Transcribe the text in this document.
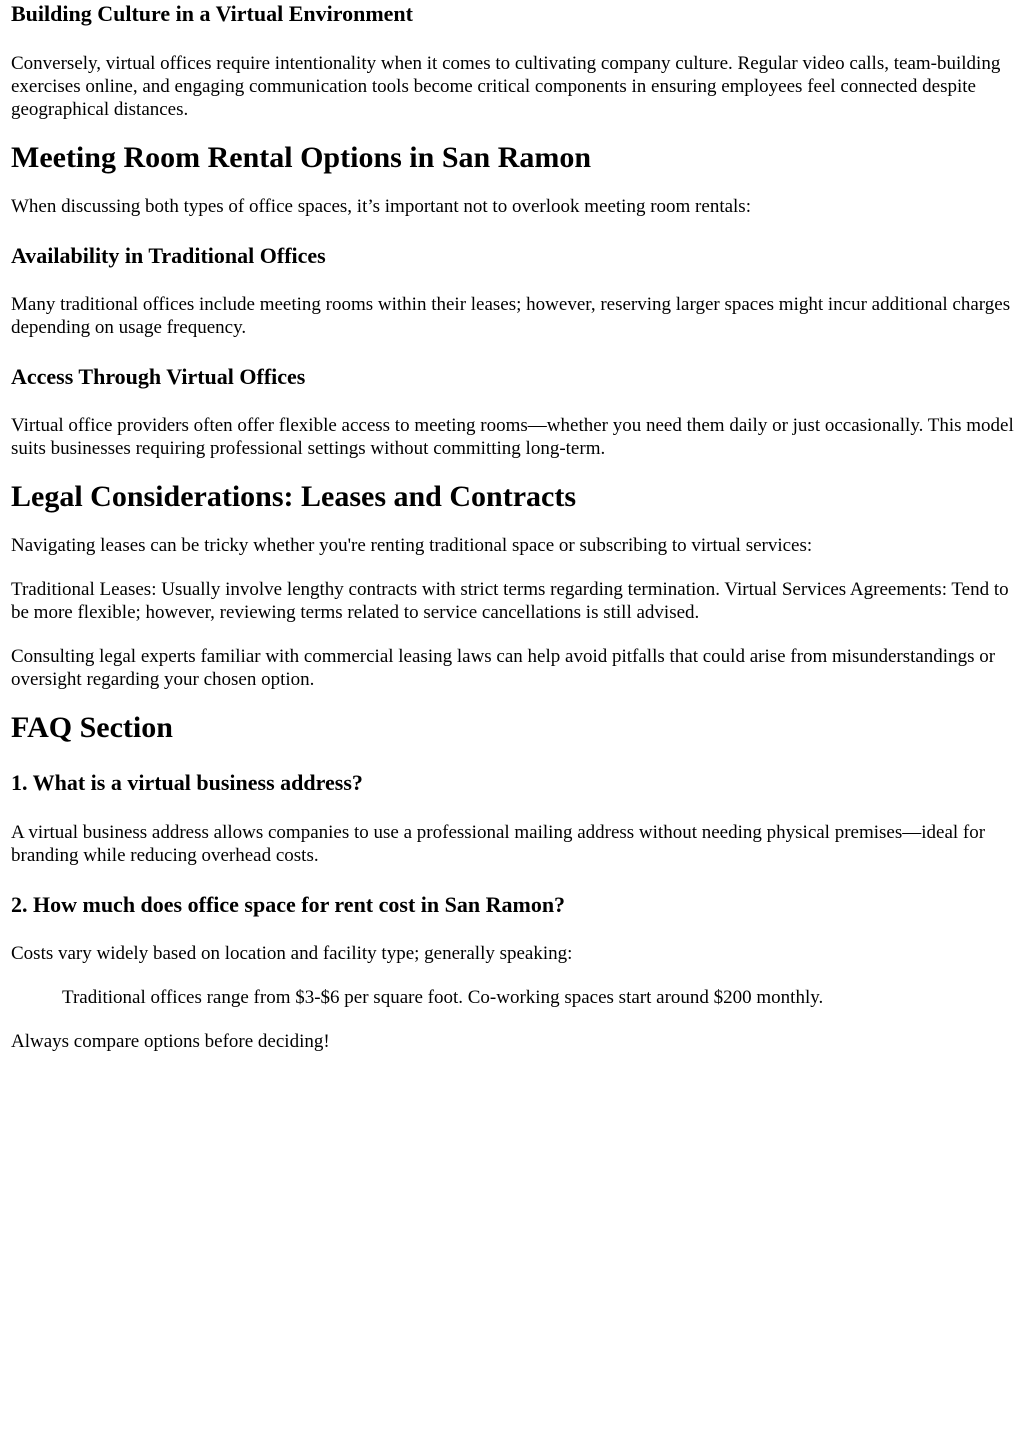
Building Culture in a Virtual Environment

Conversely, virtual offices require intentionality when it comes to cultivating company culture. Regular video calls, team-building exercises online, and engaging communication tools become critical components in ensuring employees feel connected despite geographical distances.

Meeting Room Rental Options in San Ramon

When discussing both types of office spaces, it’s important not to overlook meeting room rentals:

Availability in Traditional Offices

Many traditional offices include meeting rooms within their leases; however, reserving larger spaces might incur additional charges depending on usage frequency.

Access Through Virtual Offices

Virtual office providers often offer flexible access to meeting rooms—whether you need them daily or just occasionally. This model suits businesses requiring professional settings without committing long-term.

Legal Considerations: Leases and Contracts

Navigating leases can be tricky whether you're renting traditional space or subscribing to virtual services:

Traditional Leases: Usually involve lengthy contracts with strict terms regarding termination. Virtual Services Agreements: Tend to be more flexible; however, reviewing terms related to service cancellations is still advised.

Consulting legal experts familiar with commercial leasing laws can help avoid pitfalls that could arise from misunderstandings or oversight regarding your chosen option.

FAQ Section
1. What is a virtual business address?

A virtual business address allows companies to use a professional mailing address without needing physical premises—ideal for branding while reducing overhead costs.

2. How much does office space for rent cost in San Ramon?

Costs vary widely based on location and facility type; generally speaking:

Traditional offices range from $3-$6 per square foot. Co-working spaces start around $200 monthly.

Always compare options before deciding!
